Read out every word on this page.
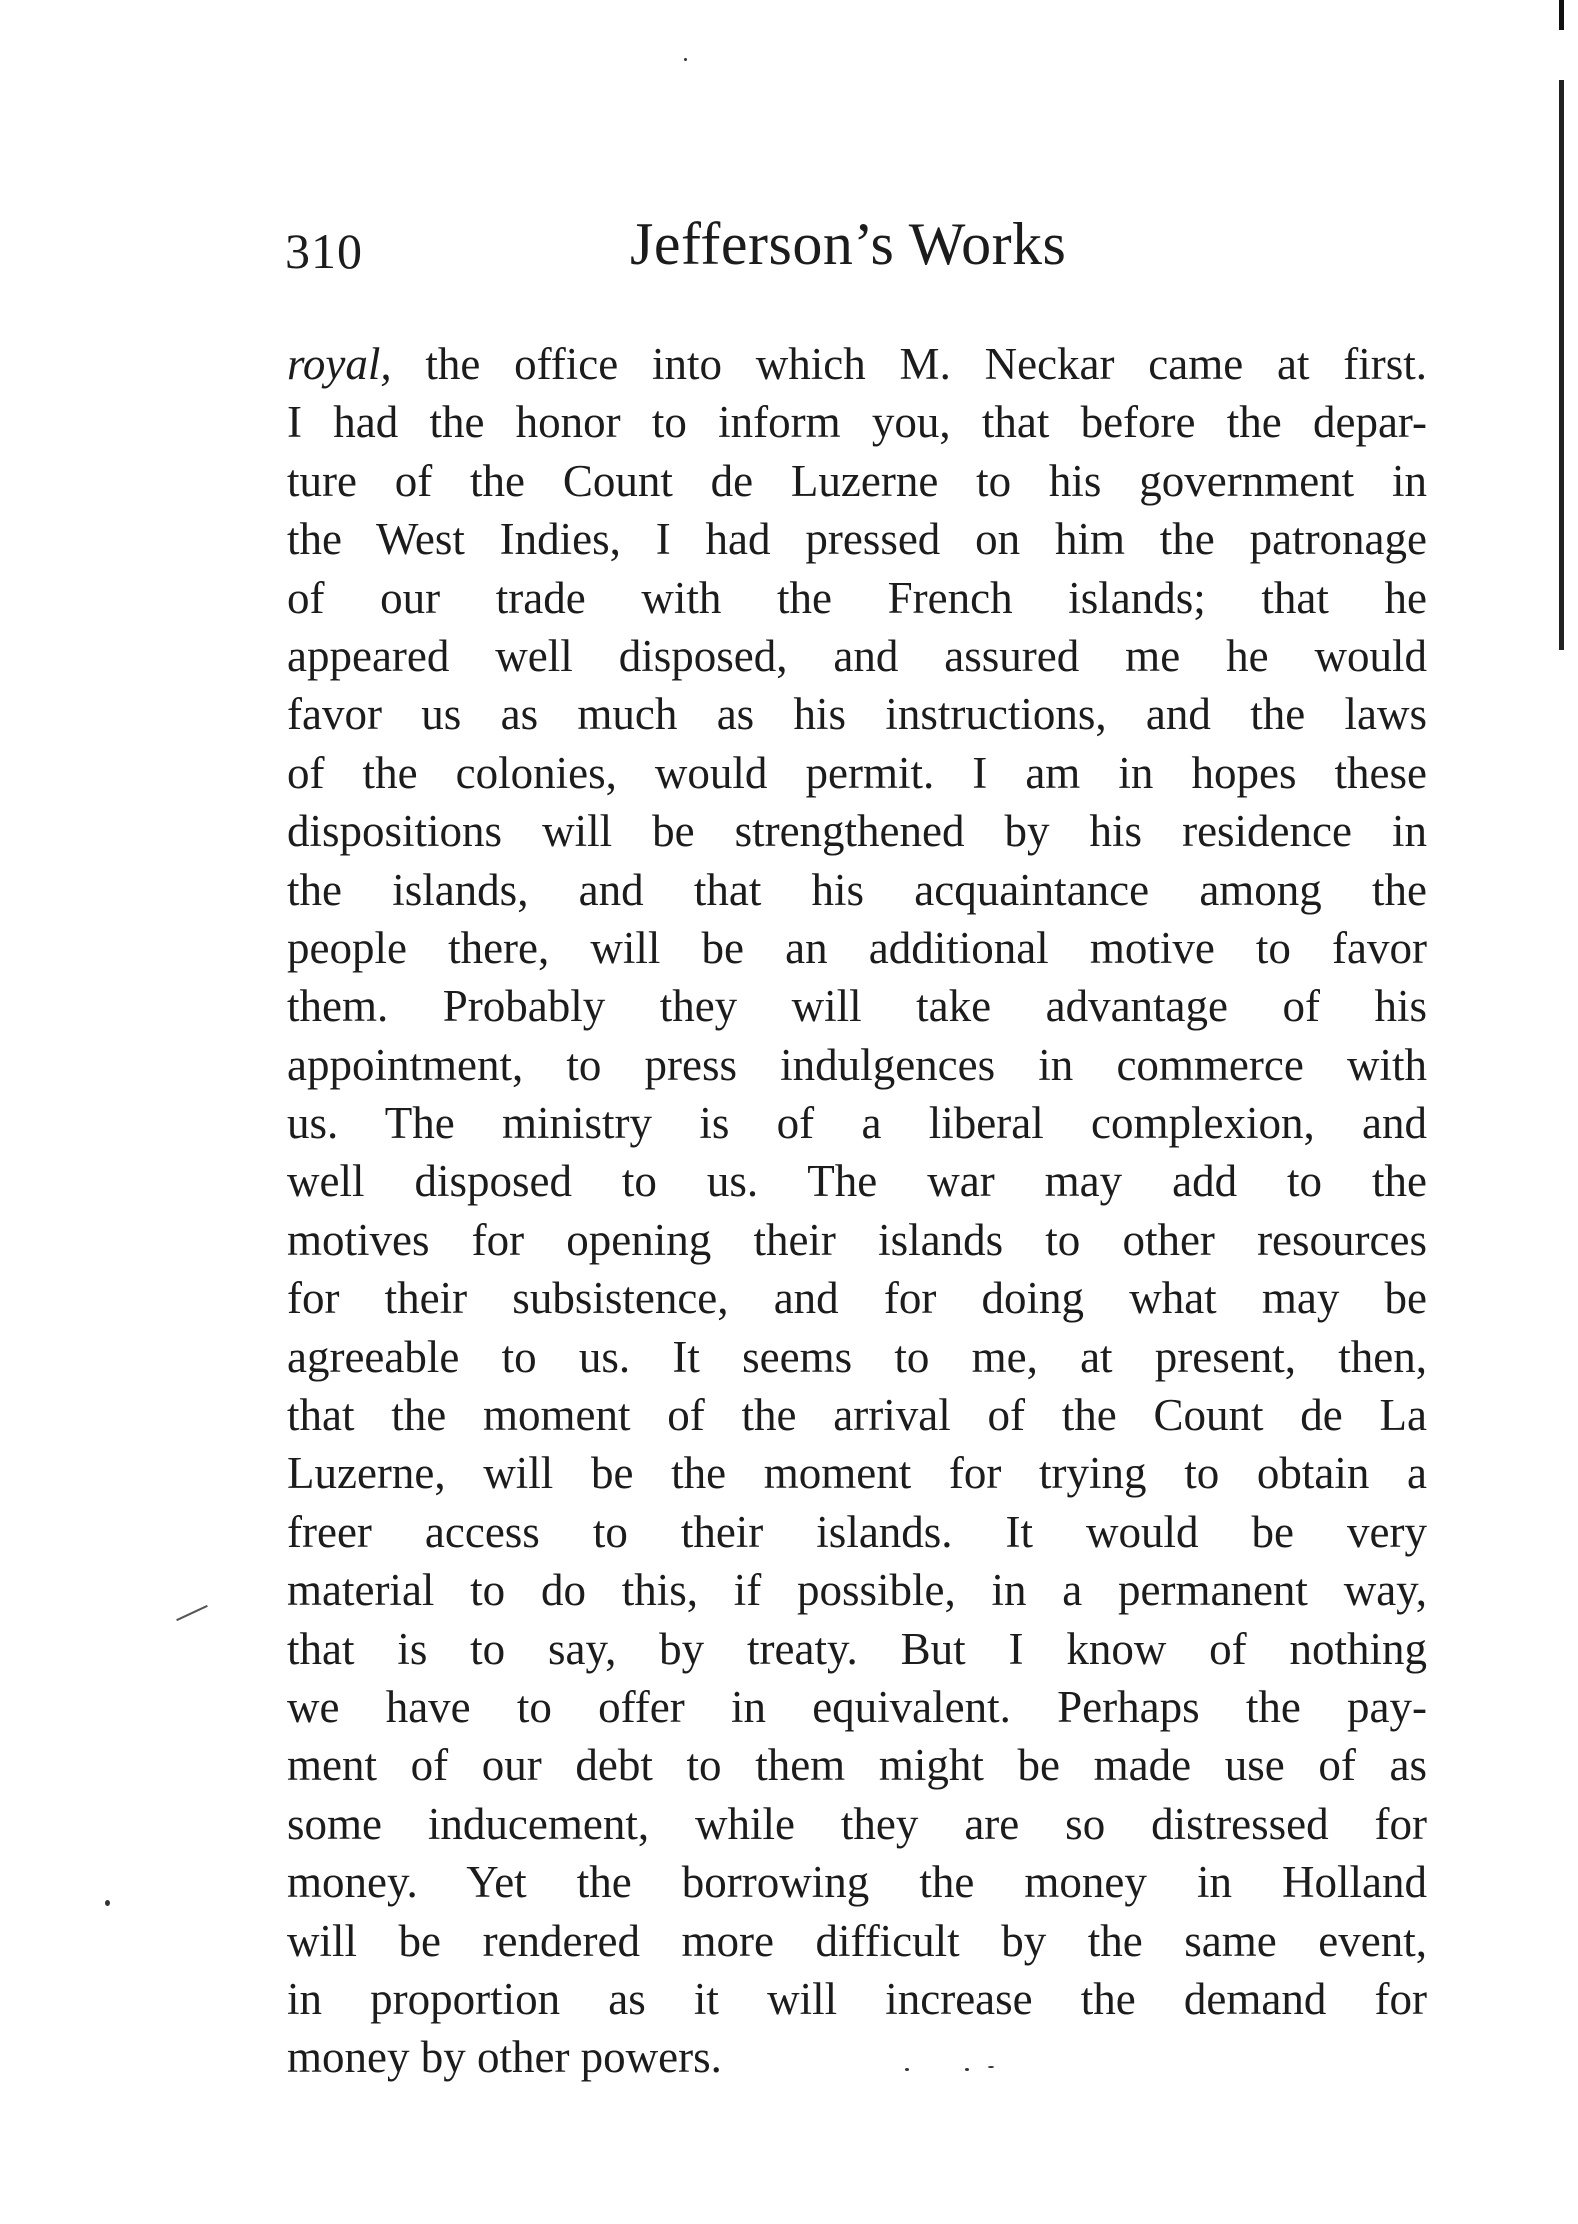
310	Jefferson’s Works
royal, the office into which M. Neckar came at first.
I had the honor to inform you, that before the depar-
ture of the Count de Luzerne to his government in
the West Indies, I had pressed on him the patronage
of our trade with the French islands; that he
appeared well disposed, and assured me he would
favor us as much as his instructions, and the laws
of the colonies, would permit. I am in hopes these
dispositions will be strengthened by his residence in
the islands, and that his acquaintance among the
people there, will be an additional motive to favor
them. Probably they will take advantage of his
appointment, to press indulgences in commerce with
us. The ministry is of a liberal complexion, and
well disposed to us. The war may add to the
motives for opening their islands to other resources
for their subsistence, and for doing what may be
agreeable to us. It seems to me, at present, then,
that the moment of the arrival of the Count de La
Luzerne, will be the moment for trying to obtain a
freer access to their islands. It would be very
material to do this, if possible, in a permanent way,
that is to say, by treaty. But I know of nothing
we have to offer in equivalent. Perhaps the pay-
ment of our debt to them might be made use of as
some inducement, while they are so distressed for
money. Yet the borrowing the money in Holland
will be rendered more difficult by the same event,
in proportion as it will increase the demand for
money by other powers.
